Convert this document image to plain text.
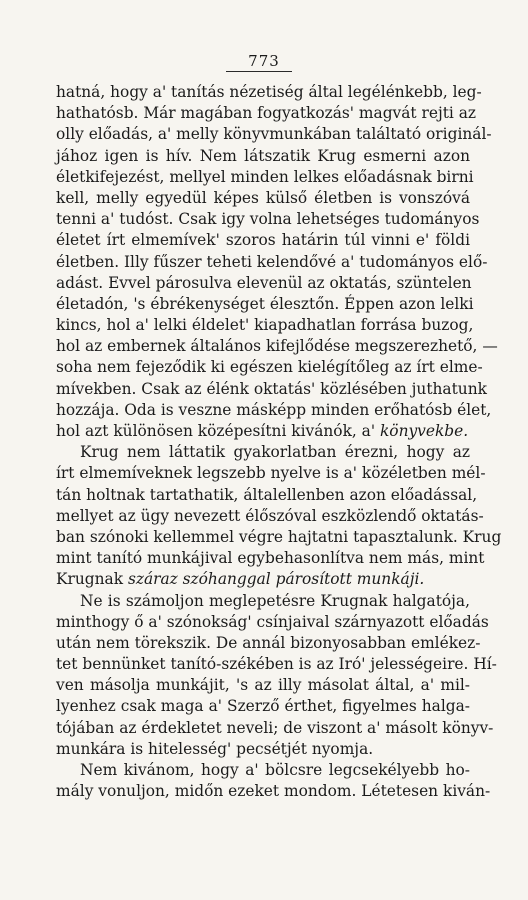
773
hatná, hogy a' tanítás nézetiség által legélénkebb, leg-
hathatósb. Már magában fogyatkozás' magvát rejti az
olly előadás, a' melly könyvmunkában találtató originál-
jához igen is hív. Nem látszatik Krug esmerni azon
életkifejezést, mellyel minden lelkes előadásnak birni
kell, melly egyedül képes külső életben is vonszóvá
tenni a' tudóst. Csak igy volna lehetséges tudományos
életet írt elmemívek' szoros határin túl vinni e' földi
életben. Illy fűszer teheti kelendővé a' tudományos elő-
adást. Evvel párosulva elevenül az oktatás, szüntelen
életadón, 's ébrékenységet élesztőn. Éppen azon lelki
kincs, hol a' lelki éldelet' kiapadhatlan forrása buzog,
hol az embernek általános kifejlődése megszerezhető, —
soha nem fejeződik ki egészen kielégítőleg az írt elme-
mívekben. Csak az élénk oktatás' közlésében juthatunk
hozzája. Oda is veszne másképp minden erőhatósb élet,
hol azt különösen középesítni kivánók, a' könyvekbe.
Krug nem láttatik gyakorlatban érezni, hogy az
írt elmemíveknek legszebb nyelve is a' közéletben mél-
tán holtnak tartathatik, általellenben azon előadással,
mellyet az ügy nevezett élőszóval eszközlendő oktatás-
ban szónoki kellemmel végre hajtatni tapasztalunk. Krug
mint tanító munkájival egybehasonlítva nem más, mint
Krugnak száraz szóhanggal párosított munkáji.
Ne is számoljon meglepetésre Krugnak halgatója,
minthogy ő a' szónokság' csínjaival szárnyazott előadás
után nem törekszik. De annál bizonyosabban emlékez-
tet bennünket tanító-székében is az Iró' jelességeire. Hí-
ven másolja munkájit, 's az illy másolat által, a' mil-
lyenhez csak maga a' Szerző érthet, figyelmes halga-
tójában az érdekletet neveli; de viszont a' másolt könyv-
munkára is hitelesség' pecsétjét nyomja.
Nem kivánom, hogy a' bölcsre legcsekélyebb ho-
mály vonuljon, midőn ezeket mondom. Létetesen kiván-
